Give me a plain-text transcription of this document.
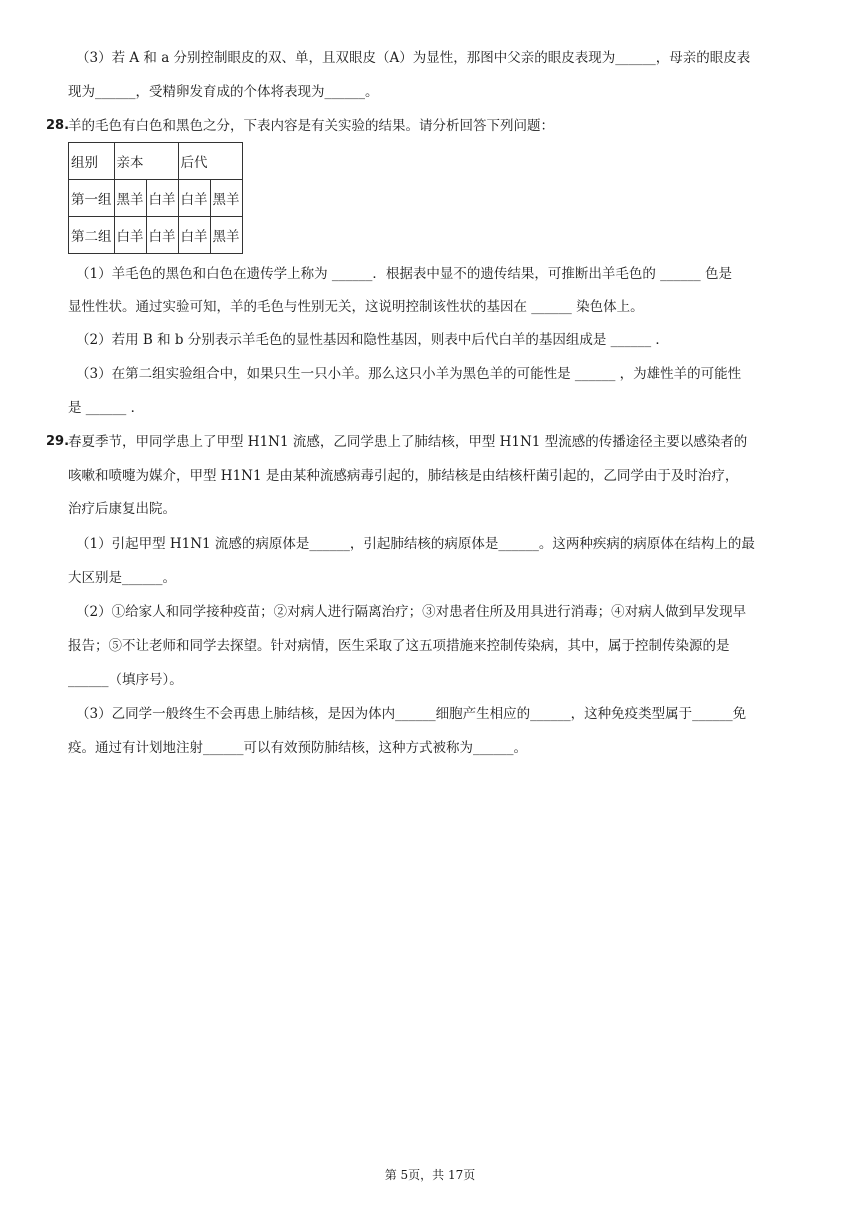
（3）若 A 和 a 分别控制眼皮的双、单，且双眼皮（A）为显性，那图中父亲的眼皮表现为______，母亲的眼皮表
现为______，受精卵发育成的个体将表现为______。
28.
羊的毛色有白色和黑色之分，下表内容是有关实验的结果。请分析回答下列问题：
组别	亲本		后代	
第一组	黑羊	白羊	白羊	黑羊
第二组	白羊	白羊	白羊	黑羊
（1）羊毛色的黑色和白色在遗传学上称为 ______．根据表中显不的遗传结果，可推断出羊毛色的 ______ 色是
显性性状。通过实验可知，羊的毛色与性别无关，这说明控制该性状的基因在 ______ 染色体上。
（2）若用 B 和 b 分别表示羊毛色的显性基因和隐性基因，则表中后代白羊的基因组成是 ______ ．
（3）在第二组实验组合中，如果只生一只小羊。那么这只小羊为黑色羊的可能性是 ______ ，为雄性羊的可能性
是 ______ ．
29.
春夏季节，甲同学患上了甲型 H1N1 流感，乙同学患上了肺结核，甲型 H1N1 型流感的传播途径主要以感染者的
咳嗽和喷嚏为媒介，甲型 H1N1 是由某种流感病毒引起的，肺结核是由结核杆菌引起的，乙同学由于及时治疗，
治疗后康复出院。
（1）引起甲型 H1N1 流感的病原体是______，引起肺结核的病原体是______。这两种疾病的病原体在结构上的最
大区别是______。
（2）①给家人和同学接种疫苗；②对病人进行隔离治疗；③对患者住所及用具进行消毒；④对病人做到早发现早
报告；⑤不让老师和同学去探望。针对病情，医生采取了这五项措施来控制传染病，其中，属于控制传染源的是
______（填序号）。
（3）乙同学一般终生不会再患上肺结核，是因为体内______细胞产生相应的______，这种免疫类型属于______免
疫。通过有计划地注射______可以有效预防肺结核，这种方式被称为______。
第 5页，共 17页
